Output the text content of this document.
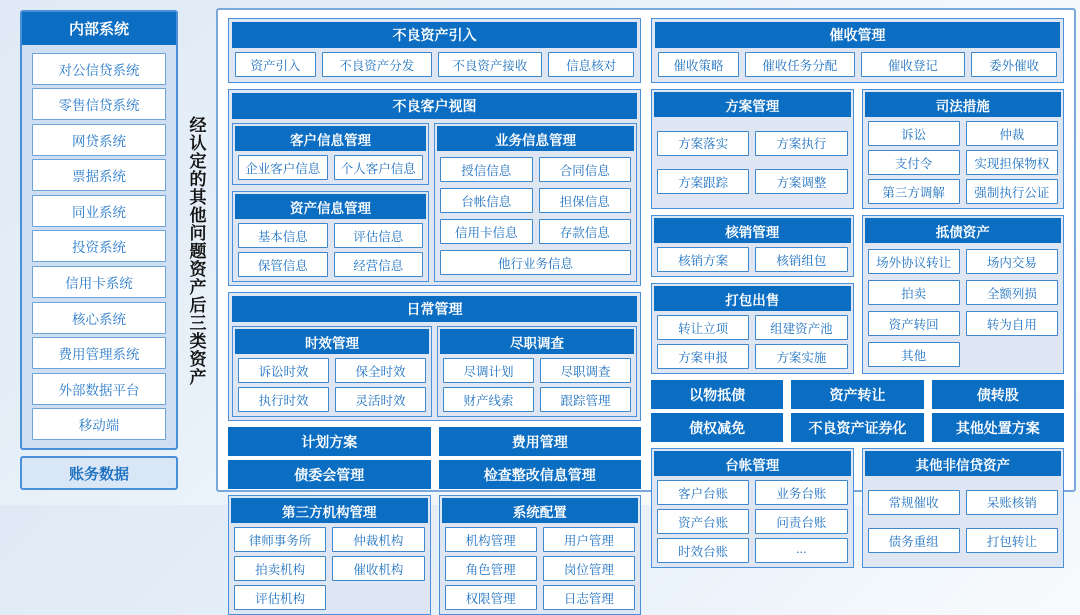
内部系统
对公信贷系统
零售信贷系统
网贷系统
票据系统
同业系统
投资系统
信用卡系统
核心系统
费用管理系统
外部数据平台
移动端
账务数据
经认定的其他问题资产后三类资产
不良资产引入
资产引入	不良资产分发	不良资产接收	信息核对
不良客户视图
客户信息管理
企业客户信息	个人客户信息
资产信息管理
基本信息	评估信息
保管信息	经营信息
业务信息管理
授信信息	合同信息
台帐信息	担保信息
信用卡信息	存款信息
他行业务信息
日常管理
时效管理
诉讼时效	保全时效
执行时效	灵活时效
尽职调查
尽调计划	尽职调查
财产线索	跟踪管理
计划方案	费用管理
债委会管理	检查整改信息管理
第三方机构管理
律师事务所	仲裁机构
拍卖机构	催收机构
评估机构
系统配置
机构管理	用户管理
角色管理	岗位管理
权限管理	日志管理
催收管理
催收策略	催收任务分配	催收登记	委外催收
方案管理
方案落实	方案执行
方案跟踪	方案调整
司法措施
诉讼	仲裁
支付令	实现担保物权
第三方调解	强制执行公证
核销管理
核销方案	核销组包
打包出售
转让立项	组建资产池
方案申报	方案实施
抵债资产
场外协议转让	场内交易
拍卖	全额列损
资产转回	转为自用
其他
以物抵债	资产转让	债转股
债权减免	不良资产证券化	其他处置方案
台帐管理
客户台账	业务台账
资产台账	问责台账
时效台账	...
其他非信贷资产
常规催收	呆账核销
债务重组	打包转让
